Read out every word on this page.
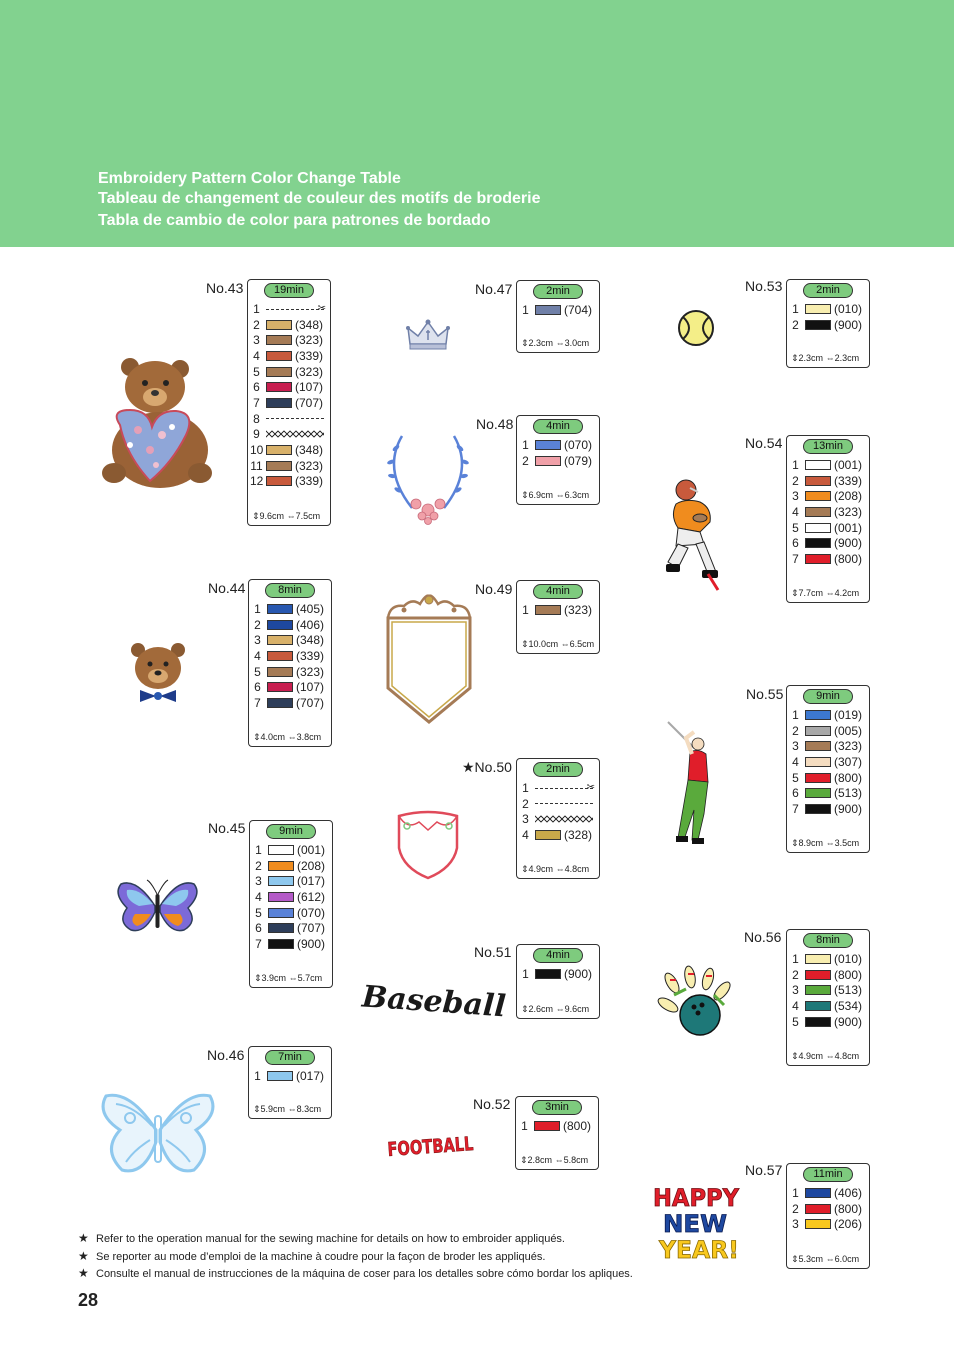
Embroidery Pattern Color Change Table
Tableau de changement de couleur des motifs de broderie
Tabla de cambio de color para patrones de bordado
No.43
No.44
No.45
No.46
No.47
No.48
No.49
★No.50
No.51
No.52
No.53
No.54
No.55
No.56
No.57
19min
1	✂
2	(348)
3	(323)
4	(339)
5	(323)
6	(107)
7	(707)
8
9
10	(348)
11	(323)
12	(339)
⇕9.6cm ⇔7.5cm
8min
1	(405)
2	(406)
3	(348)
4	(339)
5	(323)
6	(107)
7	(707)
⇕4.0cm ⇔3.8cm
9min
1	(001)
2	(208)
3	(017)
4	(612)
5	(070)
6	(707)
7	(900)
⇕3.9cm ⇔5.7cm
7min
1	(017)
⇕5.9cm ⇔8.3cm
2min
1	(704)
⇕2.3cm ⇔3.0cm
4min
1	(070)
2	(079)
⇕6.9cm ⇔6.3cm
4min
1	(323)
⇕10.0cm ⇔6.5cm
2min
1	✂
2
3
4	(328)
⇕4.9cm ⇔4.8cm
4min
1	(900)
⇕2.6cm ⇔9.6cm
3min
1	(800)
⇕2.8cm ⇔5.8cm
2min
1	(010)
2	(900)
⇕2.3cm ⇔2.3cm
13min
1	(001)
2	(339)
3	(208)
4	(323)
5	(001)
6	(900)
7	(800)
⇕7.7cm ⇔4.2cm
9min
1	(019)
2	(005)
3	(323)
4	(307)
5	(800)
6	(513)
7	(900)
⇕8.9cm ⇔3.5cm
8min
1	(010)
2	(800)
3	(513)
4	(534)
5	(900)
⇕4.9cm ⇔4.8cm
11min
1	(406)
2	(800)
3	(206)
⇕5.3cm ⇔6.0cm
Baseball
FOOTBALL
HAPPY
NEW
YEAR!
★ Refer to the operation manual for the sewing machine for details on how to embroider appliqués.
★ Se reporter au mode d’emploi de la machine à coudre pour la façon de broder les appliqués.
★ Consulte el manual de instrucciones de la máquina de coser para los detalles sobre cómo bordar los apliques.
28
